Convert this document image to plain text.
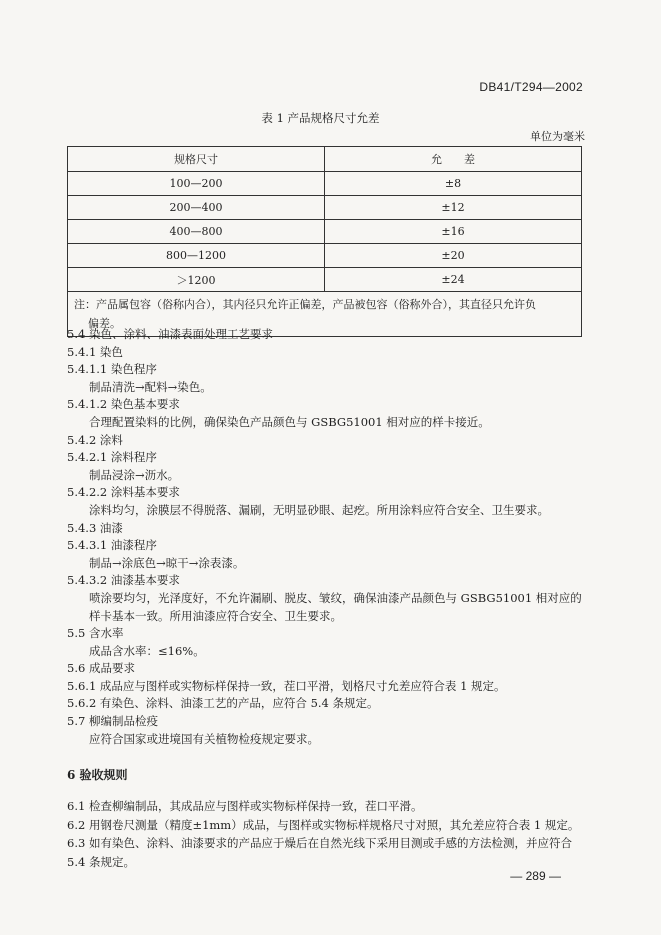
DB41/T294—2002
表 1 产品规格尺寸允差
单位为毫米
规格尺寸	允　　差
100—200	±8
200—400	±12
400—800	±16
800—1200	±20
＞1200	±24
注：产品属包容（俗称内合），其内径只允许正偏差，产品被包容（俗称外合），其直径只允许负
偏差。	
5.4 染色、涂料、油漆表面处理工艺要求
5.4.1 染色
5.4.1.1 染色程序
制品清洗→配料→染色。
5.4.1.2 染色基本要求
合理配置染料的比例，确保染色产品颜色与 GSBG51001 相对应的样卡接近。
5.4.2 涂料
5.4.2.1 涂料程序
制品浸涂→沥水。
5.4.2.2 涂料基本要求
涂料均匀，涂膜层不得脱落、漏刷，无明显砂眼、起疙。所用涂料应符合安全、卫生要求。
5.4.3 油漆
5.4.3.1 油漆程序
制品→涂底色→晾干→涂表漆。
5.4.3.2 油漆基本要求
喷涂要均匀，光泽度好，不允许漏刷、脱皮、皱纹，确保油漆产品颜色与 GSBG51001 相对应的样卡基本一致。所用油漆应符合安全、卫生要求。
5.5 含水率
成品含水率：≤16%。
5.6 成品要求
5.6.1 成品应与图样或实物标样保持一致，茬口平滑，划格尺寸允差应符合表 1 规定。
5.6.2 有染色、涂料、油漆工艺的产品，应符合 5.4 条规定。
5.7 柳编制品检疫
应符合国家或进境国有关植物检疫规定要求。
6 验收规则
6.1 检查柳编制品，其成品应与图样或实物标样保持一致，茬口平滑。
6.2 用钢卷尺测量（精度±1mm）成品，与图样或实物标样规格尺寸对照，其允差应符合表 1 规定。
6.3 如有染色、涂料、油漆要求的产品应于燥后在自然光线下采用目测或手感的方法检测，并应符合
5.4 条规定。
— 289 —
